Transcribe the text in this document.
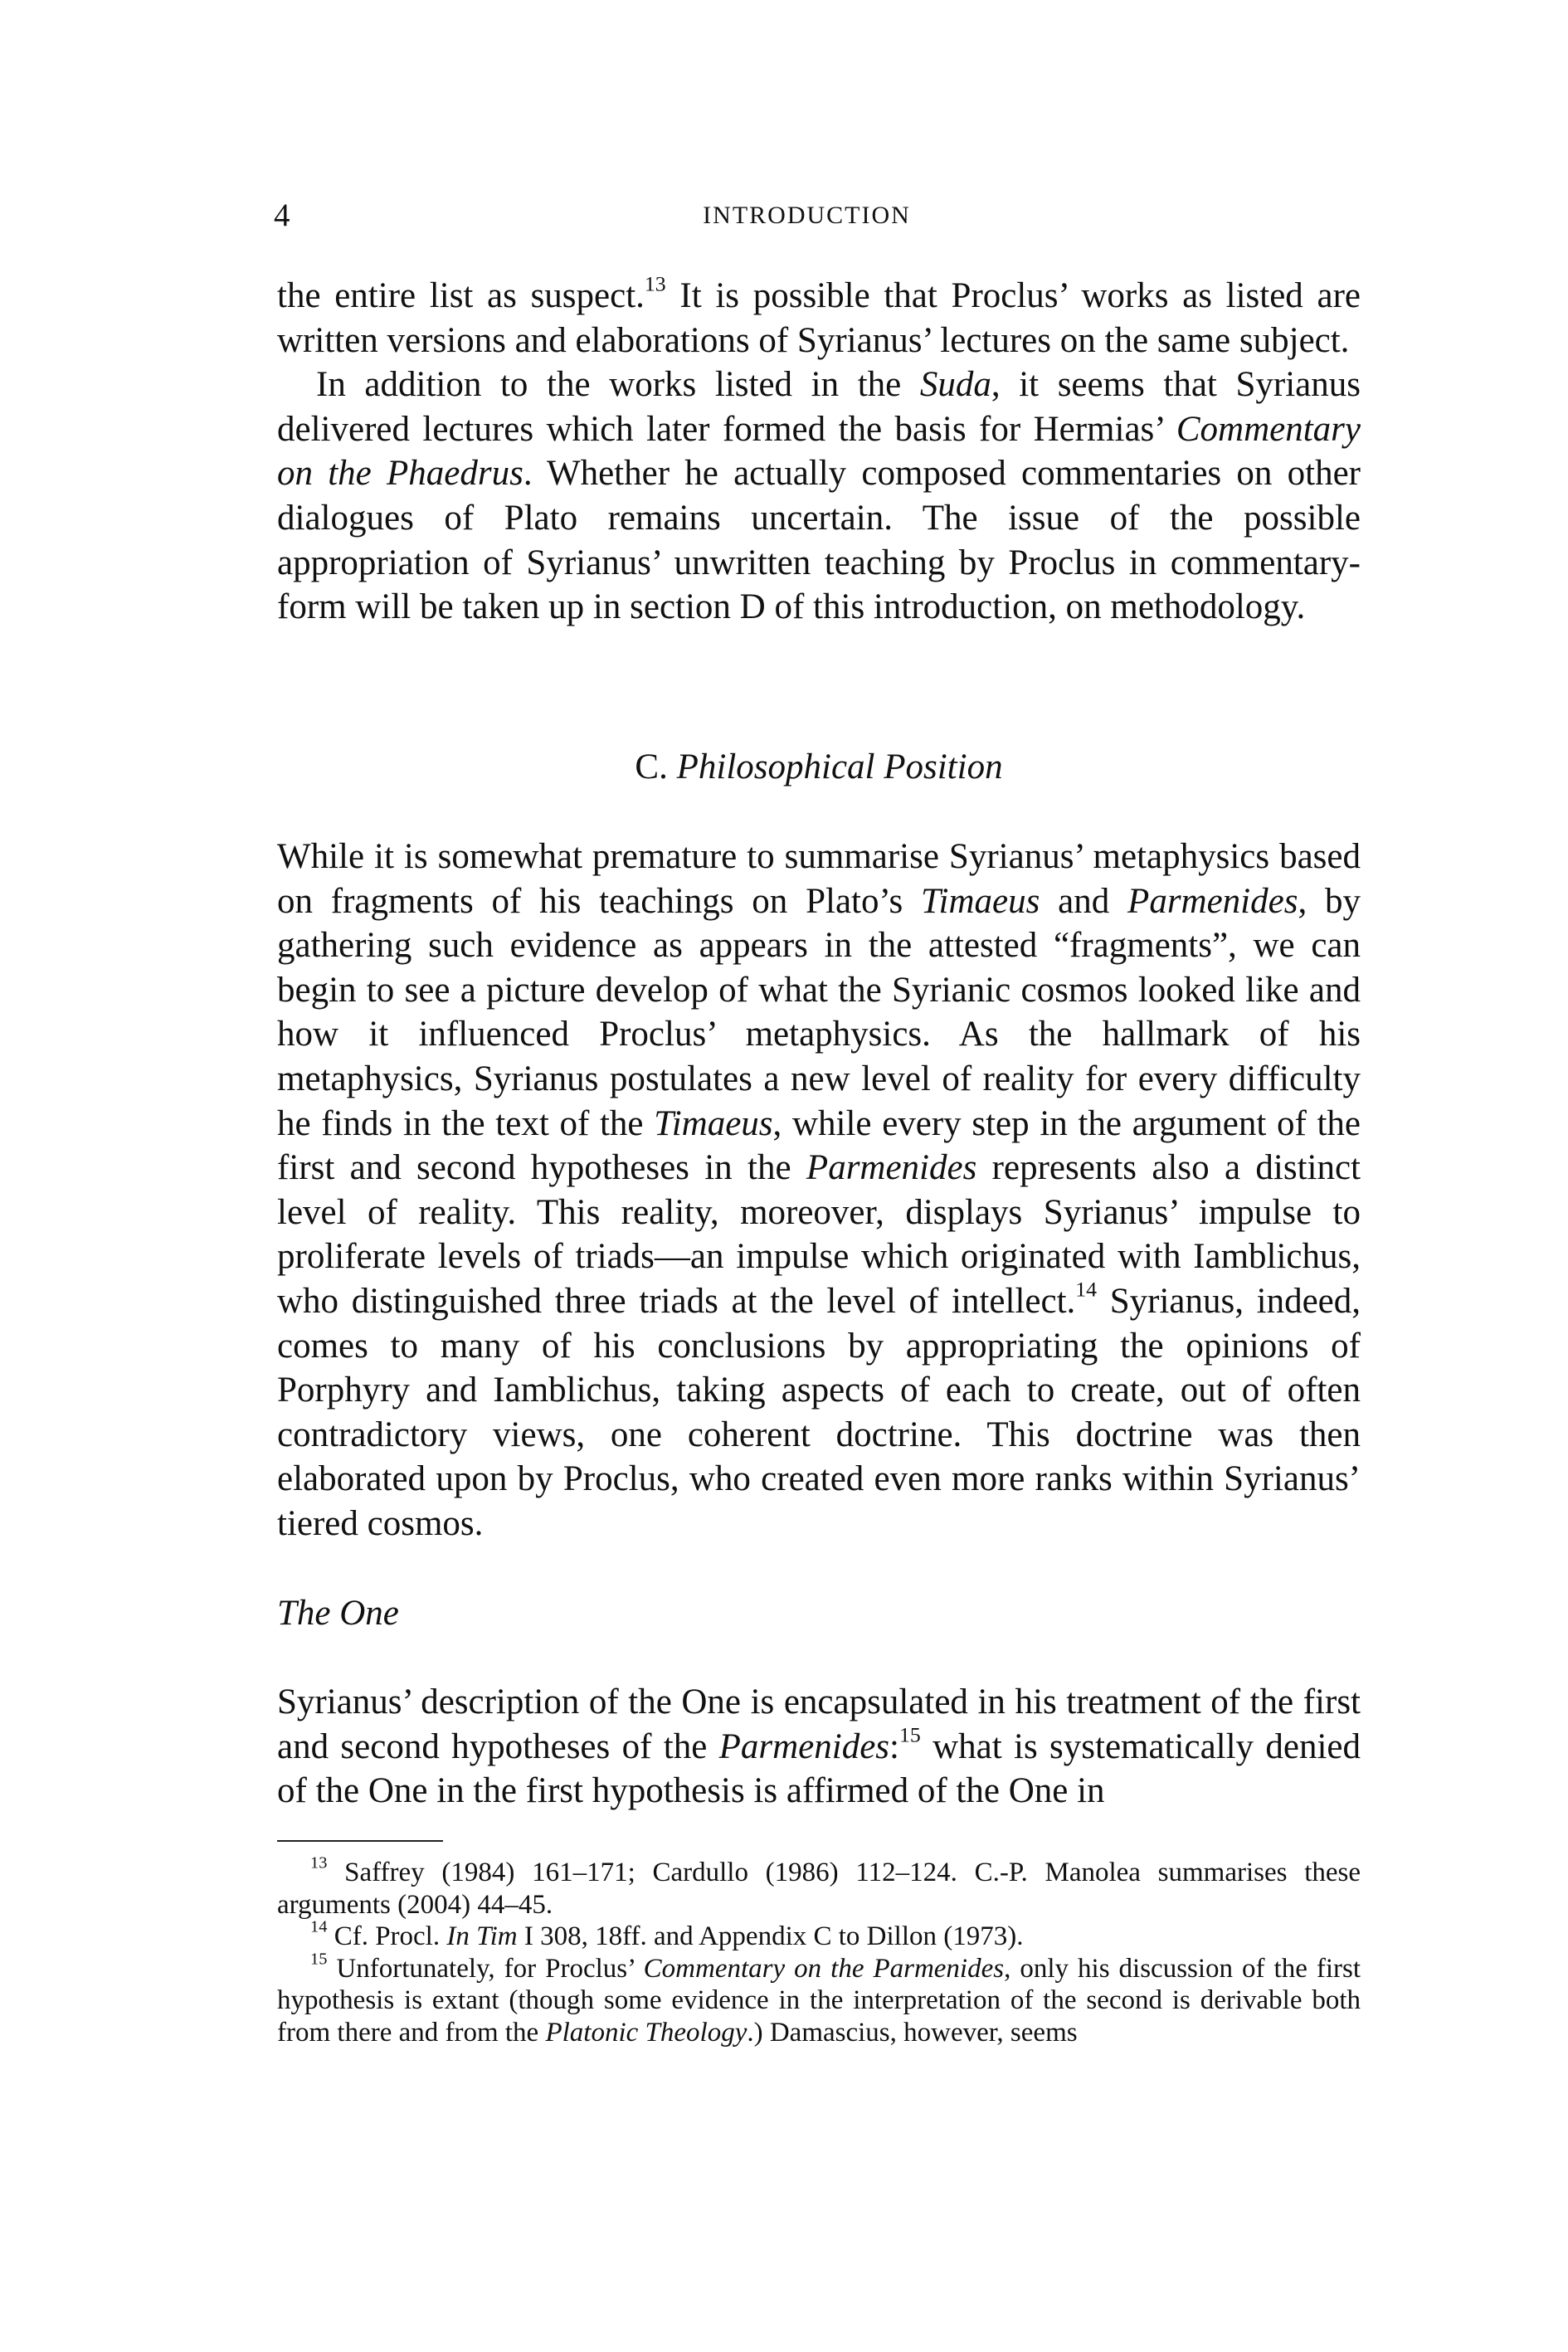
4	INTRODUCTION

the entire list as suspect.$^{13}$ It is possible that Proclus’ works as listed are written versions and elaborations of Syrianus’ lectures on the same subject.

In addition to the works listed in the Suda, it seems that Syrianus delivered lectures which later formed the basis for Hermias’ Commentary on the Phaedrus. Whether he actually composed commentaries on other dialogues of Plato remains uncertain. The issue of the possible appropriation of Syrianus’ unwritten teaching by Proclus in commentary-form will be taken up in section D of this introduction, on methodology.

C. Philosophical Position

While it is somewhat premature to summarise Syrianus’ metaphysics based on fragments of his teachings on Plato’s Timaeus and Parmenides, by gathering such evidence as appears in the attested “fragments”, we can begin to see a picture develop of what the Syrianic cosmos looked like and how it influenced Proclus’ metaphysics. As the hallmark of his metaphysics, Syrianus postulates a new level of reality for every difficulty he finds in the text of the Timaeus, while every step in the argument of the first and second hypotheses in the Parmenides represents also a distinct level of reality. This reality, moreover, displays Syrianus’ impulse to proliferate levels of triads—an impulse which originated with Iamblichus, who distinguished three triads at the level of intellect.$^{14}$ Syrianus, indeed, comes to many of his conclusions by appropriating the opinions of Porphyry and Iamblichus, taking aspects of each to create, out of often contradictory views, one coherent doctrine. This doctrine was then elaborated upon by Proclus, who created even more ranks within Syrianus’ tiered cosmos.

The One

Syrianus’ description of the One is encapsulated in his treatment of the first and second hypotheses of the Parmenides:$^{15}$ what is systematically denied of the One in the first hypothesis is affirmed of the One in

$^{13}$ Saffrey (1984) 161–171; Cardullo (1986) 112–124. C.-P. Manolea summarises these arguments (2004) 44–45.

$^{14}$ Cf. Procl. In Tim I 308, 18ff. and Appendix C to Dillon (1973).

$^{15}$ Unfortunately, for Proclus’ Commentary on the Parmenides, only his discussion of the first hypothesis is extant (though some evidence in the interpretation of the second is derivable both from there and from the Platonic Theology.) Damascius, however, seems
